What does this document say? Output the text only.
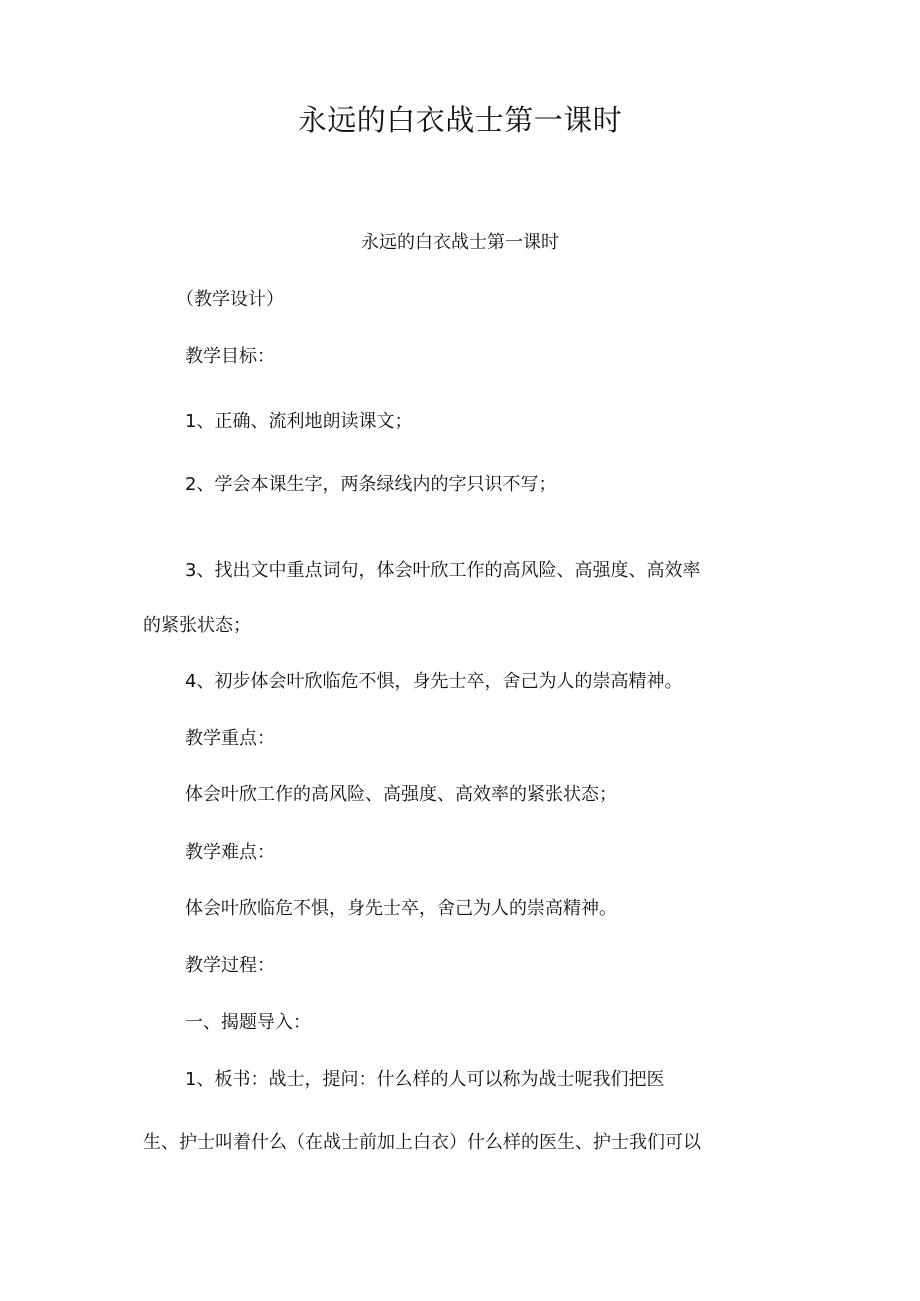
永远的白衣战士第一课时
永远的白衣战士第一课时

（教学设计）

教学目标：

1、正确、流利地朗读课文；

2、学会本课生字，两条绿线内的字只识不写；

3、找出文中重点词句，体会叶欣工作的高风险、高强度、高效率

的紧张状态；

4、初步体会叶欣临危不惧，身先士卒，舍己为人的崇高精神。

教学重点：

体会叶欣工作的高风险、高强度、高效率的紧张状态；

教学难点：

体会叶欣临危不惧，身先士卒，舍己为人的崇高精神。

教学过程：

一、揭题导入：

1、板书：战士，提问：什么样的人可以称为战士呢我们把医

生、护士叫着什么（在战士前加上白衣）什么样的医生、护士我们可以
